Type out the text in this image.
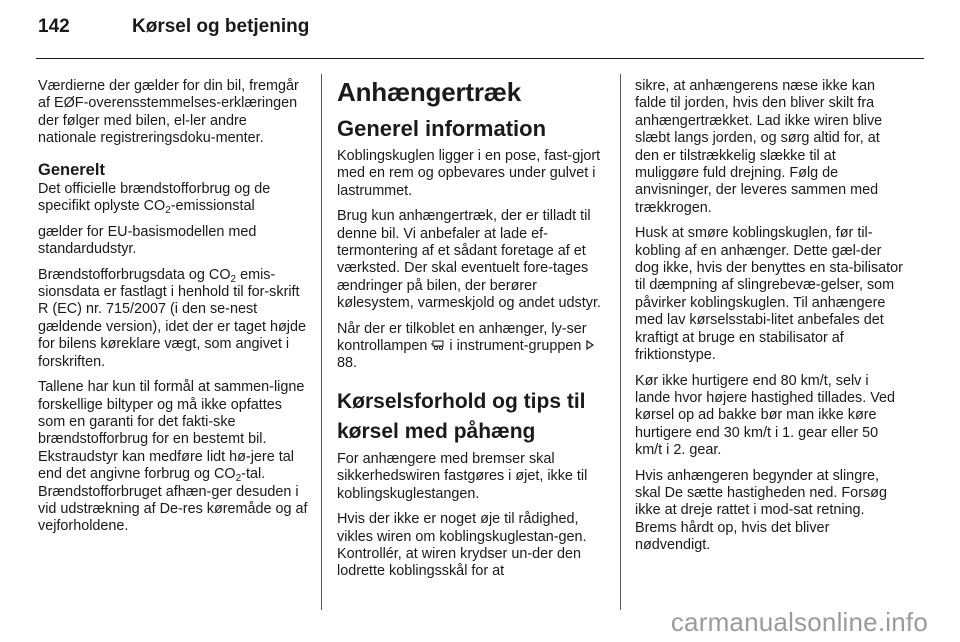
142	Kørsel og betjening

Værdierne der gælder for din bil, fremgår af EØF-overensstemmelses-erklæringen der følger med bilen, el-ler andre nationale registreringsdoku-menter.

Generelt

Det officielle brændstofforbrug og de specifikt oplyste $CO_2$-emissionstal

gælder for EU-basismodellen med standardudstyr.

Brændstofforbrugsdata og $CO_2$ emis-sionsdata er fastlagt i henhold til for-skrift R (EC) nr. 715/2007 (i den se-nest gældende version), idet der er taget højde for bilens køreklare vægt, som angivet i forskriften.

Tallene har kun til formål at sammen-ligne forskellige biltyper og må ikke opfattes som en garanti for det fakti-ske brændstofforbrug for en bestemt bil. Ekstraudstyr kan medføre lidt hø-jere tal end det angivne forbrug og $CO_2$-tal. Brændstofforbruget afhæn-ger desuden i vid udstrækning af De-res køremåde og af vejforholdene.

Anhængertræk
Generel information

Koblingskuglen ligger i en pose, fast-gjort med en rem og opbevares under gulvet i lastrummet.

Brug kun anhængertræk, der er tilladt til denne bil. Vi anbefaler at lade ef-termontering af et sådant foretage af et værksted. Der skal eventuelt fore-tages ændringer på bilen, der berører kølesystem, varmeskjold og andet udstyr.

Når der er tilkoblet en anhænger, ly-ser kontrollampen  i instrument-gruppen 88.

Kørselsforhold og tips til kørsel med påhæng

For anhængere med bremser skal sikkerhedswiren fastgøres i øjet, ikke til koblingskuglestangen.

Hvis der ikke er noget øje til rådighed, vikles wiren om koblingskuglestan-gen. Kontrollér, at wiren krydser un-der den lodrette koblingsskål for at

sikre, at anhængerens næse ikke kan falde til jorden, hvis den bliver skilt fra anhængertrækket. Lad ikke wiren blive slæbt langs jorden, og sørg altid for, at den er tilstrækkelig slække til at muliggøre fuld drejning. Følg de anvisninger, der leveres sammen med trækkrogen.

Husk at smøre koblingskuglen, før til-kobling af en anhænger. Dette gæl-der dog ikke, hvis der benyttes en sta-bilisator til dæmpning af slingrebevæ-gelser, som påvirker koblingskuglen. Til anhængere med lav kørselsstabi-litet anbefales det kraftigt at bruge en stabilisator af friktionstype.

Kør ikke hurtigere end 80 km/t, selv i lande hvor højere hastighed tillades. Ved kørsel op ad bakke bør man ikke køre hurtigere end 30 km/t i 1. gear eller 50 km/t i 2. gear.

Hvis anhængeren begynder at slingre, skal De sætte hastigheden ned. Forsøg ikke at dreje rattet i mod-sat retning. Brems hårdt op, hvis det bliver nødvendigt.

carmanualsonline.info
